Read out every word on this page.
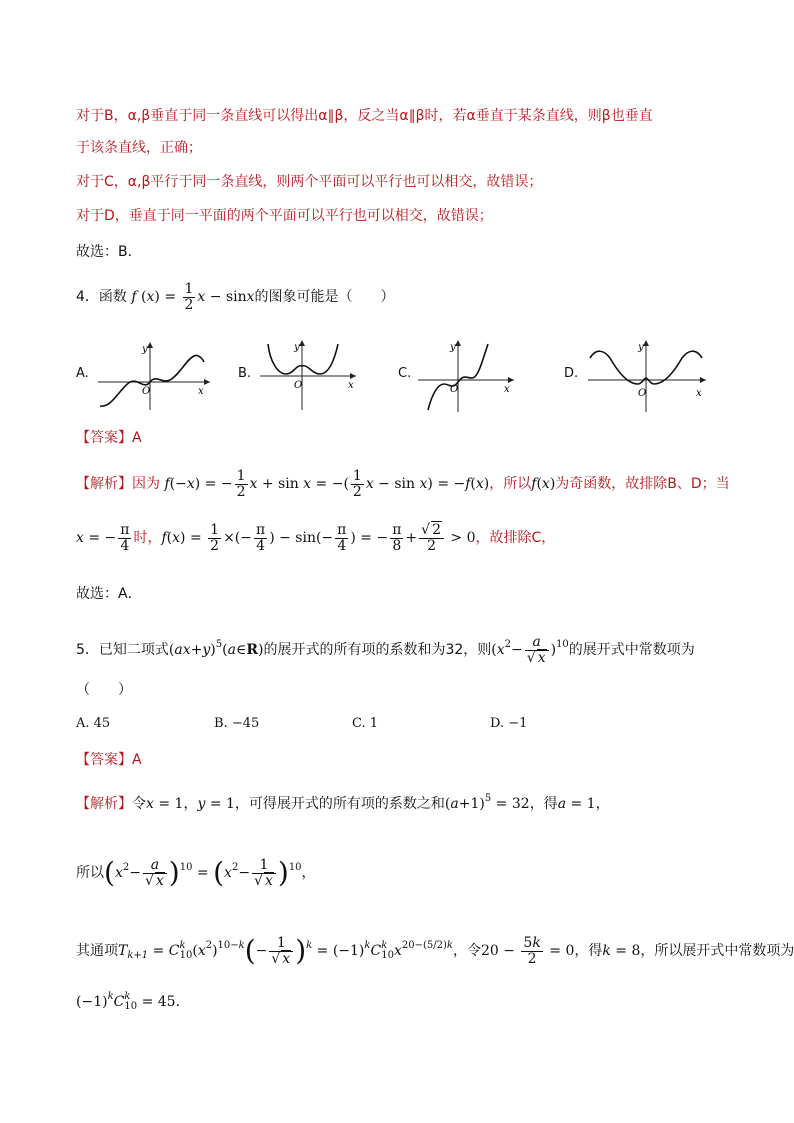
对于B，α,β垂直于同一条直线可以得出α∥β，反之当α∥β时，若α垂直于某条直线，则β也垂直
于该条直线，正确；
对于C，α,β平行于同一条直线，则两个平面可以平行也可以相交，故错误；
对于D，垂直于同一平面的两个平面可以平行也可以相交，故错误；
故选：B．
4．函数 f $(x) = \frac{1}{2}$ x − sinx的图象可能是（　　）
A.	B.	C.	D.
y
O	x
y
O	x
y
O	x
y
O	x
【答案】A
【解析】因为 f(−x) = − $\frac{1}{2}$ x + sin x = −( $\frac{1}{2}$ x − sin x) = −f(x)，所以f(x)为奇函数，故排除B、D；当
x = − $\frac{\pi}{4}$ 时，$f(x) = \frac{1}{2}$ ×(− $\frac{\pi}{4}$ ) − $\sin(- \frac{\pi}{4}$ ) = − $\frac{\pi}{8} + \frac{√ 2}{2} > 0$，故排除C，
故选：A．
5．已知二项式$(ax+y)^5(a\in R)$的展开式的所有项的系数和为32，则$(x^2- \frac{a}{√ x} )^{10}$的展开式中常数项为
（　　）
A. 45	B. −45	C. 1	D. −1
【答案】A
【解析】令x = 1，y = 1，可得展开式的所有项的系数之和$(a+1)^5 = 32$，得a = 1，
所以$(x^2- \frac{a}{√ x} )^{10} = (x^2- \frac{1}{√ x} )^{10}$，
其通项$T_{k+1} = C^k_{10}(x^2)^{10-k}(- \frac{1}{√ x} )^k = (-1)^kC^k_{10}x^{20-(5/2)k}$，令$20 - \frac{5k}{2} = 0$，得k = 8，所以展开式中常数项为
$(-1)^kC^k_{10} = 45$．
